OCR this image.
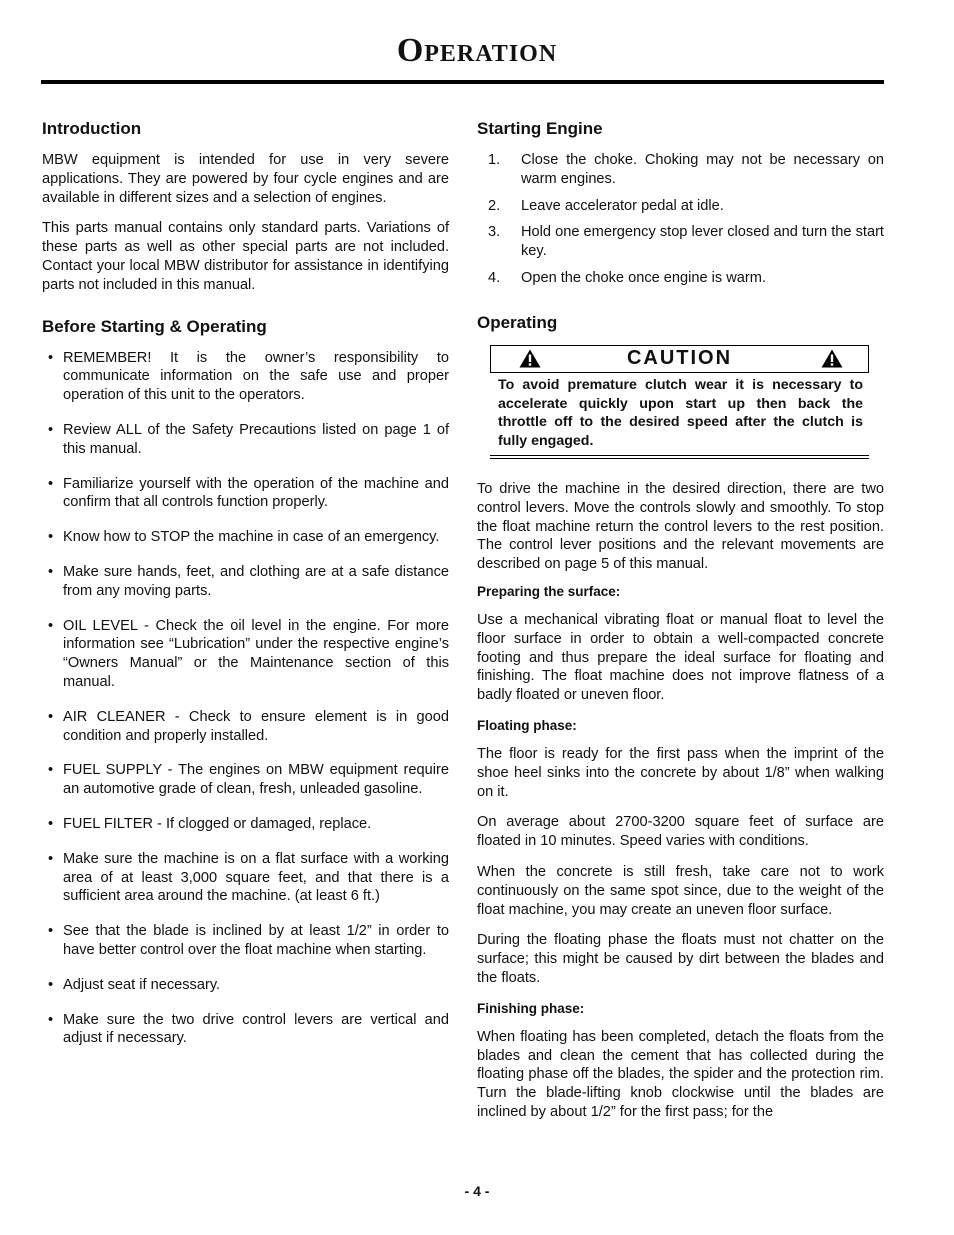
Operation
Introduction

MBW equipment is intended for use in very severe applications. They are powered by four cycle engines and are available in different sizes and a selection of engines.

This parts manual contains only standard parts. Variations of these parts as well as other special parts are not included. Contact your local MBW distributor for assistance in identifying parts not included in this manual.

Before Starting & Operating
• REMEMBER! It is the owner’s responsibility to communicate information on the safe use and proper operation of this unit to the operators.
• Review ALL of the Safety Precautions listed on page 1 of this manual.
• Familiarize yourself with the operation of the machine and confirm that all controls function properly.
• Know how to STOP the machine in case of an emergency.
• Make sure hands, feet, and clothing are at a safe distance from any moving parts.
• OIL LEVEL - Check the oil level in the engine. For more information see “Lubrication” under the respective engine’s “Owners Manual” or the Maintenance section of this manual.
• AIR CLEANER - Check to ensure element is in good condition and properly installed.
• FUEL SUPPLY - The engines on MBW equipment require an automotive grade of clean, fresh, unleaded gasoline.
• FUEL FILTER - If clogged or damaged, replace.
• Make sure the machine is on a flat surface with a working area of at least 3,000 square feet, and that there is a sufficient area around the machine. (at least 6 ft.)
• See that the blade is inclined by at least 1/2” in order to have better control over the float machine when starting.
• Adjust seat if necessary.
• Make sure the two drive control levers are vertical and adjust if necessary.
Starting Engine
1. Close the choke. Choking may not be necessary on warm engines.
2. Leave accelerator pedal at idle.
3. Hold one emergency stop lever closed and turn the start key.
4. Open the choke once engine is warm.
Operating
CAUTION
To avoid premature clutch wear it is necessary to accelerate quickly upon start up then back the throttle off to the desired speed after the clutch is fully engaged.

To drive the machine in the desired direction, there are two control levers. Move the controls slowly and smoothly. To stop the float machine return the control levers to the rest position. The control lever positions and the relevant movements are described on page 5 of this manual.

Preparing the surface:

Use a mechanical vibrating float or manual float to level the floor surface in order to obtain a well-compacted concrete footing and thus prepare the ideal surface for floating and finishing. The float machine does not improve flatness of a badly floated or uneven floor.

Floating phase:

The floor is ready for the first pass when the imprint of the shoe heel sinks into the concrete by about 1/8” when walking on it.

On average about 2700-3200 square feet of surface are floated in 10 minutes. Speed varies with conditions.

When the concrete is still fresh, take care not to work continuously on the same spot since, due to the weight of the float machine, you may create an uneven floor surface.

During the floating phase the floats must not chatter on the surface; this might be caused by dirt between the blades and the floats.

Finishing phase:

When floating has been completed, detach the floats from the blades and clean the cement that has collected during the floating phase off the blades, the spider and the protection rim. Turn the blade-lifting knob clockwise until the blades are inclined by about 1/2” for the first pass; for the

- 4 -
